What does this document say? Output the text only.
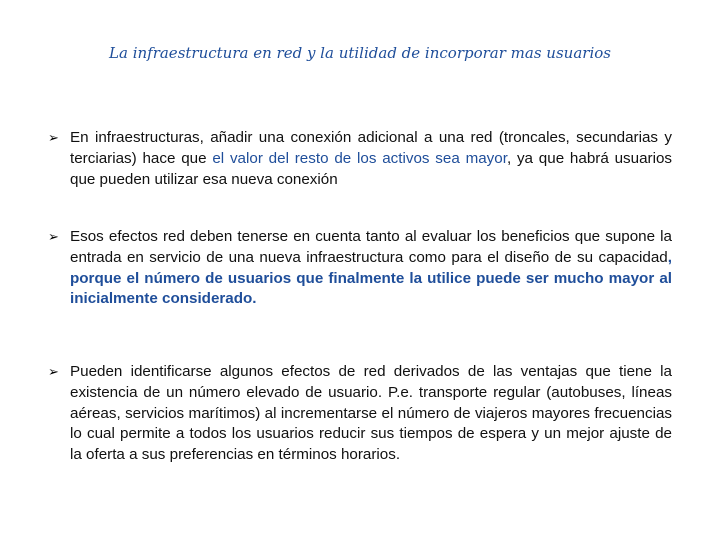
La infraestructura en red y la utilidad de incorporar mas usuarios
➢ En infraestructuras, añadir una conexión adicional a una red (troncales, secundarias y terciarias) hace que el valor del resto de los activos sea mayor, ya que habrá usuarios que pueden utilizar esa nueva conexión
➢ Esos efectos red deben tenerse en cuenta tanto al evaluar los beneficios que supone la entrada en servicio de una nueva infraestructura como para el diseño de su capacidad, porque el número de usuarios que finalmente la utilice puede ser mucho mayor al inicialmente considerado.
➢ Pueden identificarse algunos efectos de red derivados de las ventajas que tiene la existencia de un número elevado de usuario. P.e. transporte regular (autobuses, líneas aéreas, servicios marítimos) al incrementarse el número de viajeros mayores frecuencias lo cual permite a todos los usuarios reducir sus tiempos de espera y un mejor ajuste de la oferta a sus preferencias en términos horarios.
